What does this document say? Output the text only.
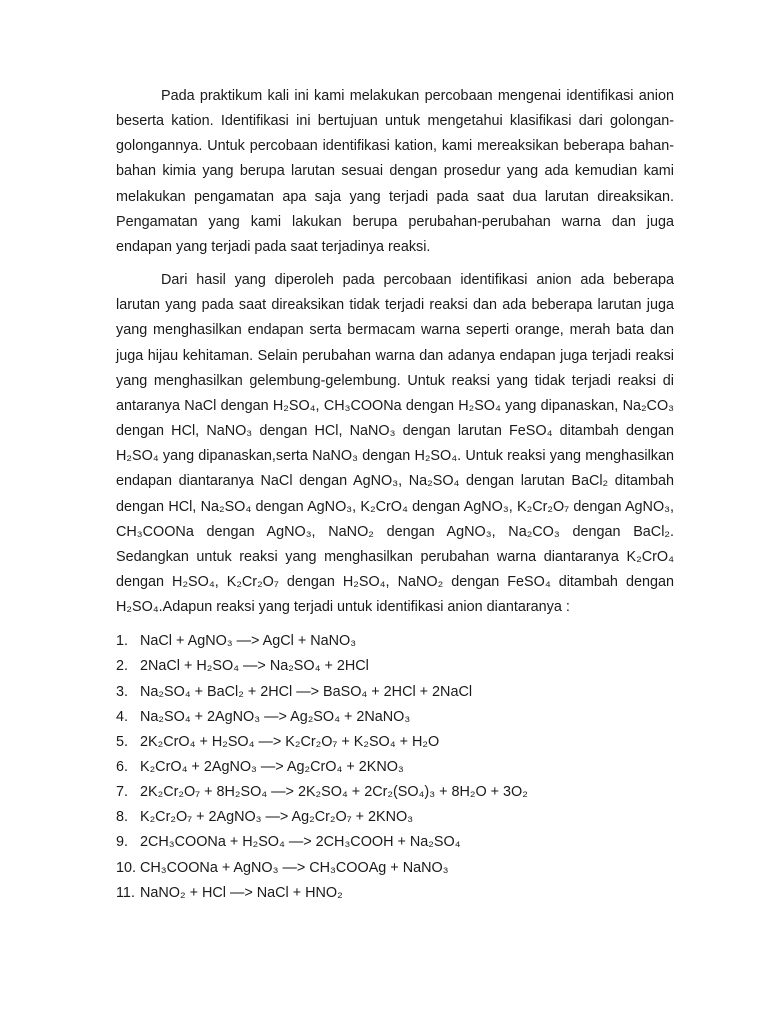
Pada praktikum kali ini kami melakukan percobaan mengenai identifikasi anion beserta kation. Identifikasi ini bertujuan untuk mengetahui klasifikasi dari golongan-golongannya. Untuk percobaan identifikasi kation, kami mereaksikan beberapa bahan-bahan kimia yang berupa larutan sesuai dengan prosedur yang ada kemudian kami melakukan pengamatan apa saja yang terjadi pada saat dua larutan direaksikan. Pengamatan yang kami lakukan berupa perubahan-perubahan warna dan juga endapan yang terjadi pada saat terjadinya reaksi.

Dari hasil yang diperoleh pada percobaan identifikasi anion ada beberapa larutan yang pada saat direaksikan tidak terjadi reaksi dan ada beberapa larutan juga yang menghasilkan endapan serta bermacam warna seperti orange, merah bata dan juga hijau kehitaman. Selain perubahan warna dan adanya endapan juga terjadi reaksi yang menghasilkan gelembung-gelembung. Untuk reaksi yang tidak terjadi reaksi di antaranya NaCl dengan H₂SO₄, CH₃COONa dengan H₂SO₄ yang dipanaskan, Na₂CO₃ dengan HCl, NaNO₃ dengan HCl, NaNO₃ dengan larutan FeSO₄ ditambah dengan H₂SO₄ yang dipanaskan,serta NaNO₃ dengan H₂SO₄. Untuk reaksi yang menghasilkan endapan diantaranya NaCl dengan AgNO₃, Na₂SO₄ dengan larutan BaCl₂ ditambah dengan HCl, Na₂SO₄ dengan AgNO₃, K₂CrO₄ dengan AgNO₃, K₂Cr₂O₇ dengan AgNO₃, CH₃COONa dengan AgNO₃, NaNO₂ dengan AgNO₃, Na₂CO₃ dengan BaCl₂. Sedangkan untuk reaksi yang menghasilkan perubahan warna diantaranya K₂CrO₄ dengan H₂SO₄, K₂Cr₂O₇ dengan H₂SO₄, NaNO₂ dengan FeSO₄ ditambah dengan H₂SO₄.Adapun reaksi yang terjadi untuk identifikasi anion diantaranya :

1. NaCl + AgNO₃ —> AgCl + NaNO₃
2. 2NaCl + H₂SO₄ —> Na₂SO₄ + 2HCl
3. Na₂SO₄ + BaCl₂ + 2HCl —> BaSO₄ + 2HCl + 2NaCl
4. Na₂SO₄ + 2AgNO₃ —> Ag₂SO₄ + 2NaNO₃
5. 2K₂CrO₄ + H₂SO₄ —> K₂Cr₂O₇ + K₂SO₄ + H₂O
6. K₂CrO₄ + 2AgNO₃ —> Ag₂CrO₄ + 2KNO₃
7. 2K₂Cr₂O₇ + 8H₂SO₄ —> 2K₂SO₄ + 2Cr₂(SO₄)₃ + 8H₂O + 3O₂
8. K₂Cr₂O₇ + 2AgNO₃ —> Ag₂Cr₂O₇ + 2KNO₃
9. 2CH₃COONa + H₂SO₄ —> 2CH₃COOH + Na₂SO₄
10. CH₃COONa + AgNO₃ —> CH₃COOAg + NaNO₃
11. NaNO₂ + HCl —> NaCl + HNO₂
